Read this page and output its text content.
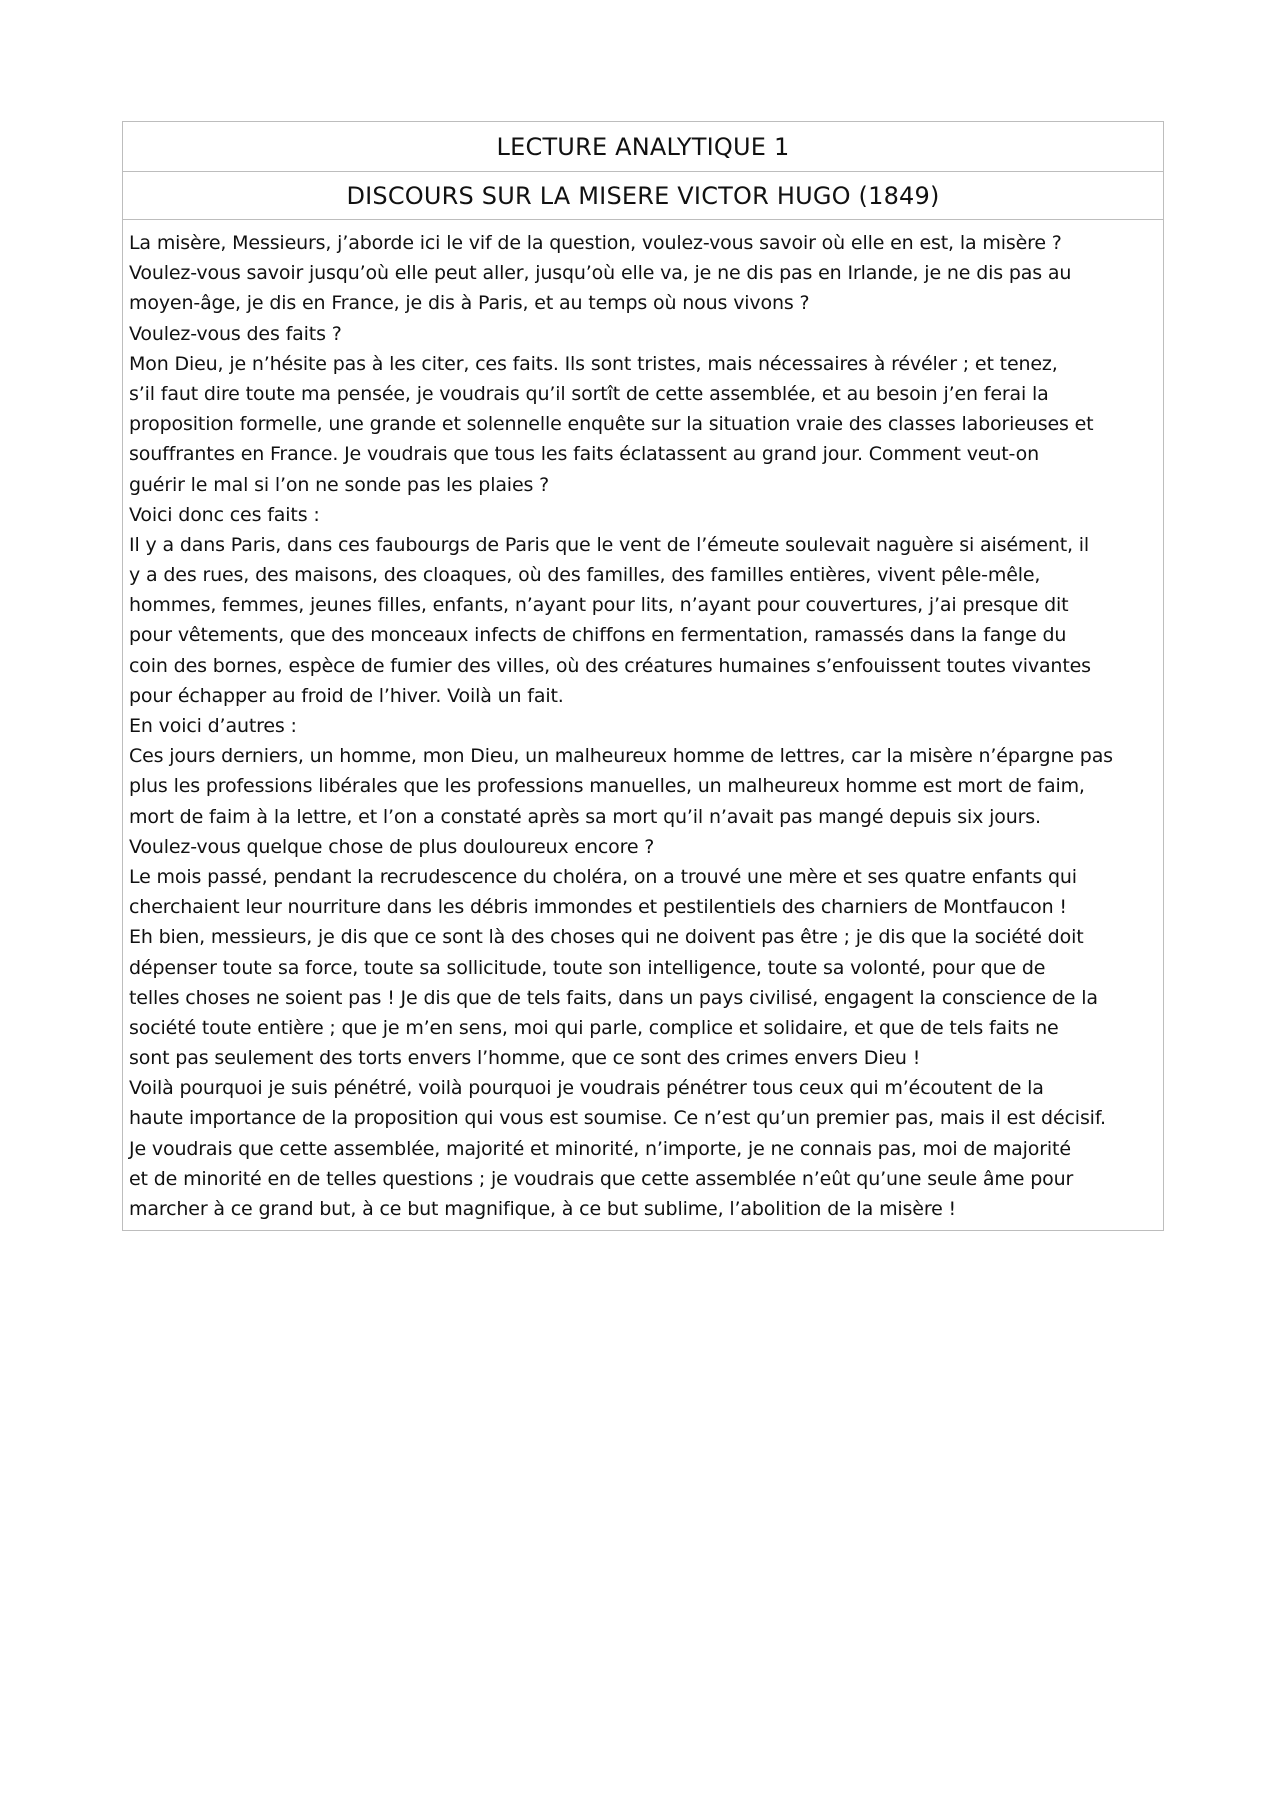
LECTURE ANALYTIQUE 1
DISCOURS SUR LA MISERE VICTOR HUGO (1849)
La misère, Messieurs, j’aborde ici le vif de la question, voulez-vous savoir où elle en est, la misère ?
Voulez-vous savoir jusqu’où elle peut aller, jusqu’où elle va, je ne dis pas en Irlande, je ne dis pas au
moyen-âge, je dis en France, je dis à Paris, et au temps où nous vivons ?
Voulez-vous des faits ?
Mon Dieu, je n’hésite pas à les citer, ces faits. Ils sont tristes, mais nécessaires à révéler ; et tenez,
s’il faut dire toute ma pensée, je voudrais qu’il sortît de cette assemblée, et au besoin j’en ferai la
proposition formelle, une grande et solennelle enquête sur la situation vraie des classes laborieuses et
souffrantes en France. Je voudrais que tous les faits éclatassent au grand jour. Comment veut-on
guérir le mal si l’on ne sonde pas les plaies ?
Voici donc ces faits :
Il y a dans Paris, dans ces faubourgs de Paris que le vent de l’émeute soulevait naguère si aisément, il
y a des rues, des maisons, des cloaques, où des familles, des familles entières, vivent pêle-mêle,
hommes, femmes, jeunes filles, enfants, n’ayant pour lits, n’ayant pour couvertures, j’ai presque dit
pour vêtements, que des monceaux infects de chiffons en fermentation, ramassés dans la fange du
coin des bornes, espèce de fumier des villes, où des créatures humaines s’enfouissent toutes vivantes
pour échapper au froid de l’hiver. Voilà un fait.
En voici d’autres :
Ces jours derniers, un homme, mon Dieu, un malheureux homme de lettres, car la misère n’épargne pas
plus les professions libérales que les professions manuelles, un malheureux homme est mort de faim,
mort de faim à la lettre, et l’on a constaté après sa mort qu’il n’avait pas mangé depuis six jours.
Voulez-vous quelque chose de plus douloureux encore ?
Le mois passé, pendant la recrudescence du choléra, on a trouvé une mère et ses quatre enfants qui
cherchaient leur nourriture dans les débris immondes et pestilentiels des charniers de Montfaucon !
Eh bien, messieurs, je dis que ce sont là des choses qui ne doivent pas être ; je dis que la société doit
dépenser toute sa force, toute sa sollicitude, toute son intelligence, toute sa volonté, pour que de
telles choses ne soient pas ! Je dis que de tels faits, dans un pays civilisé, engagent la conscience de la
société toute entière ; que je m’en sens, moi qui parle, complice et solidaire, et que de tels faits ne
sont pas seulement des torts envers l’homme, que ce sont des crimes envers Dieu !
Voilà pourquoi je suis pénétré, voilà pourquoi je voudrais pénétrer tous ceux qui m’écoutent de la
haute importance de la proposition qui vous est soumise. Ce n’est qu’un premier pas, mais il est décisif.
Je voudrais que cette assemblée, majorité et minorité, n’importe, je ne connais pas, moi de majorité
et de minorité en de telles questions ; je voudrais que cette assemblée n’eût qu’une seule âme pour
marcher à ce grand but, à ce but magnifique, à ce but sublime, l’abolition de la misère !
